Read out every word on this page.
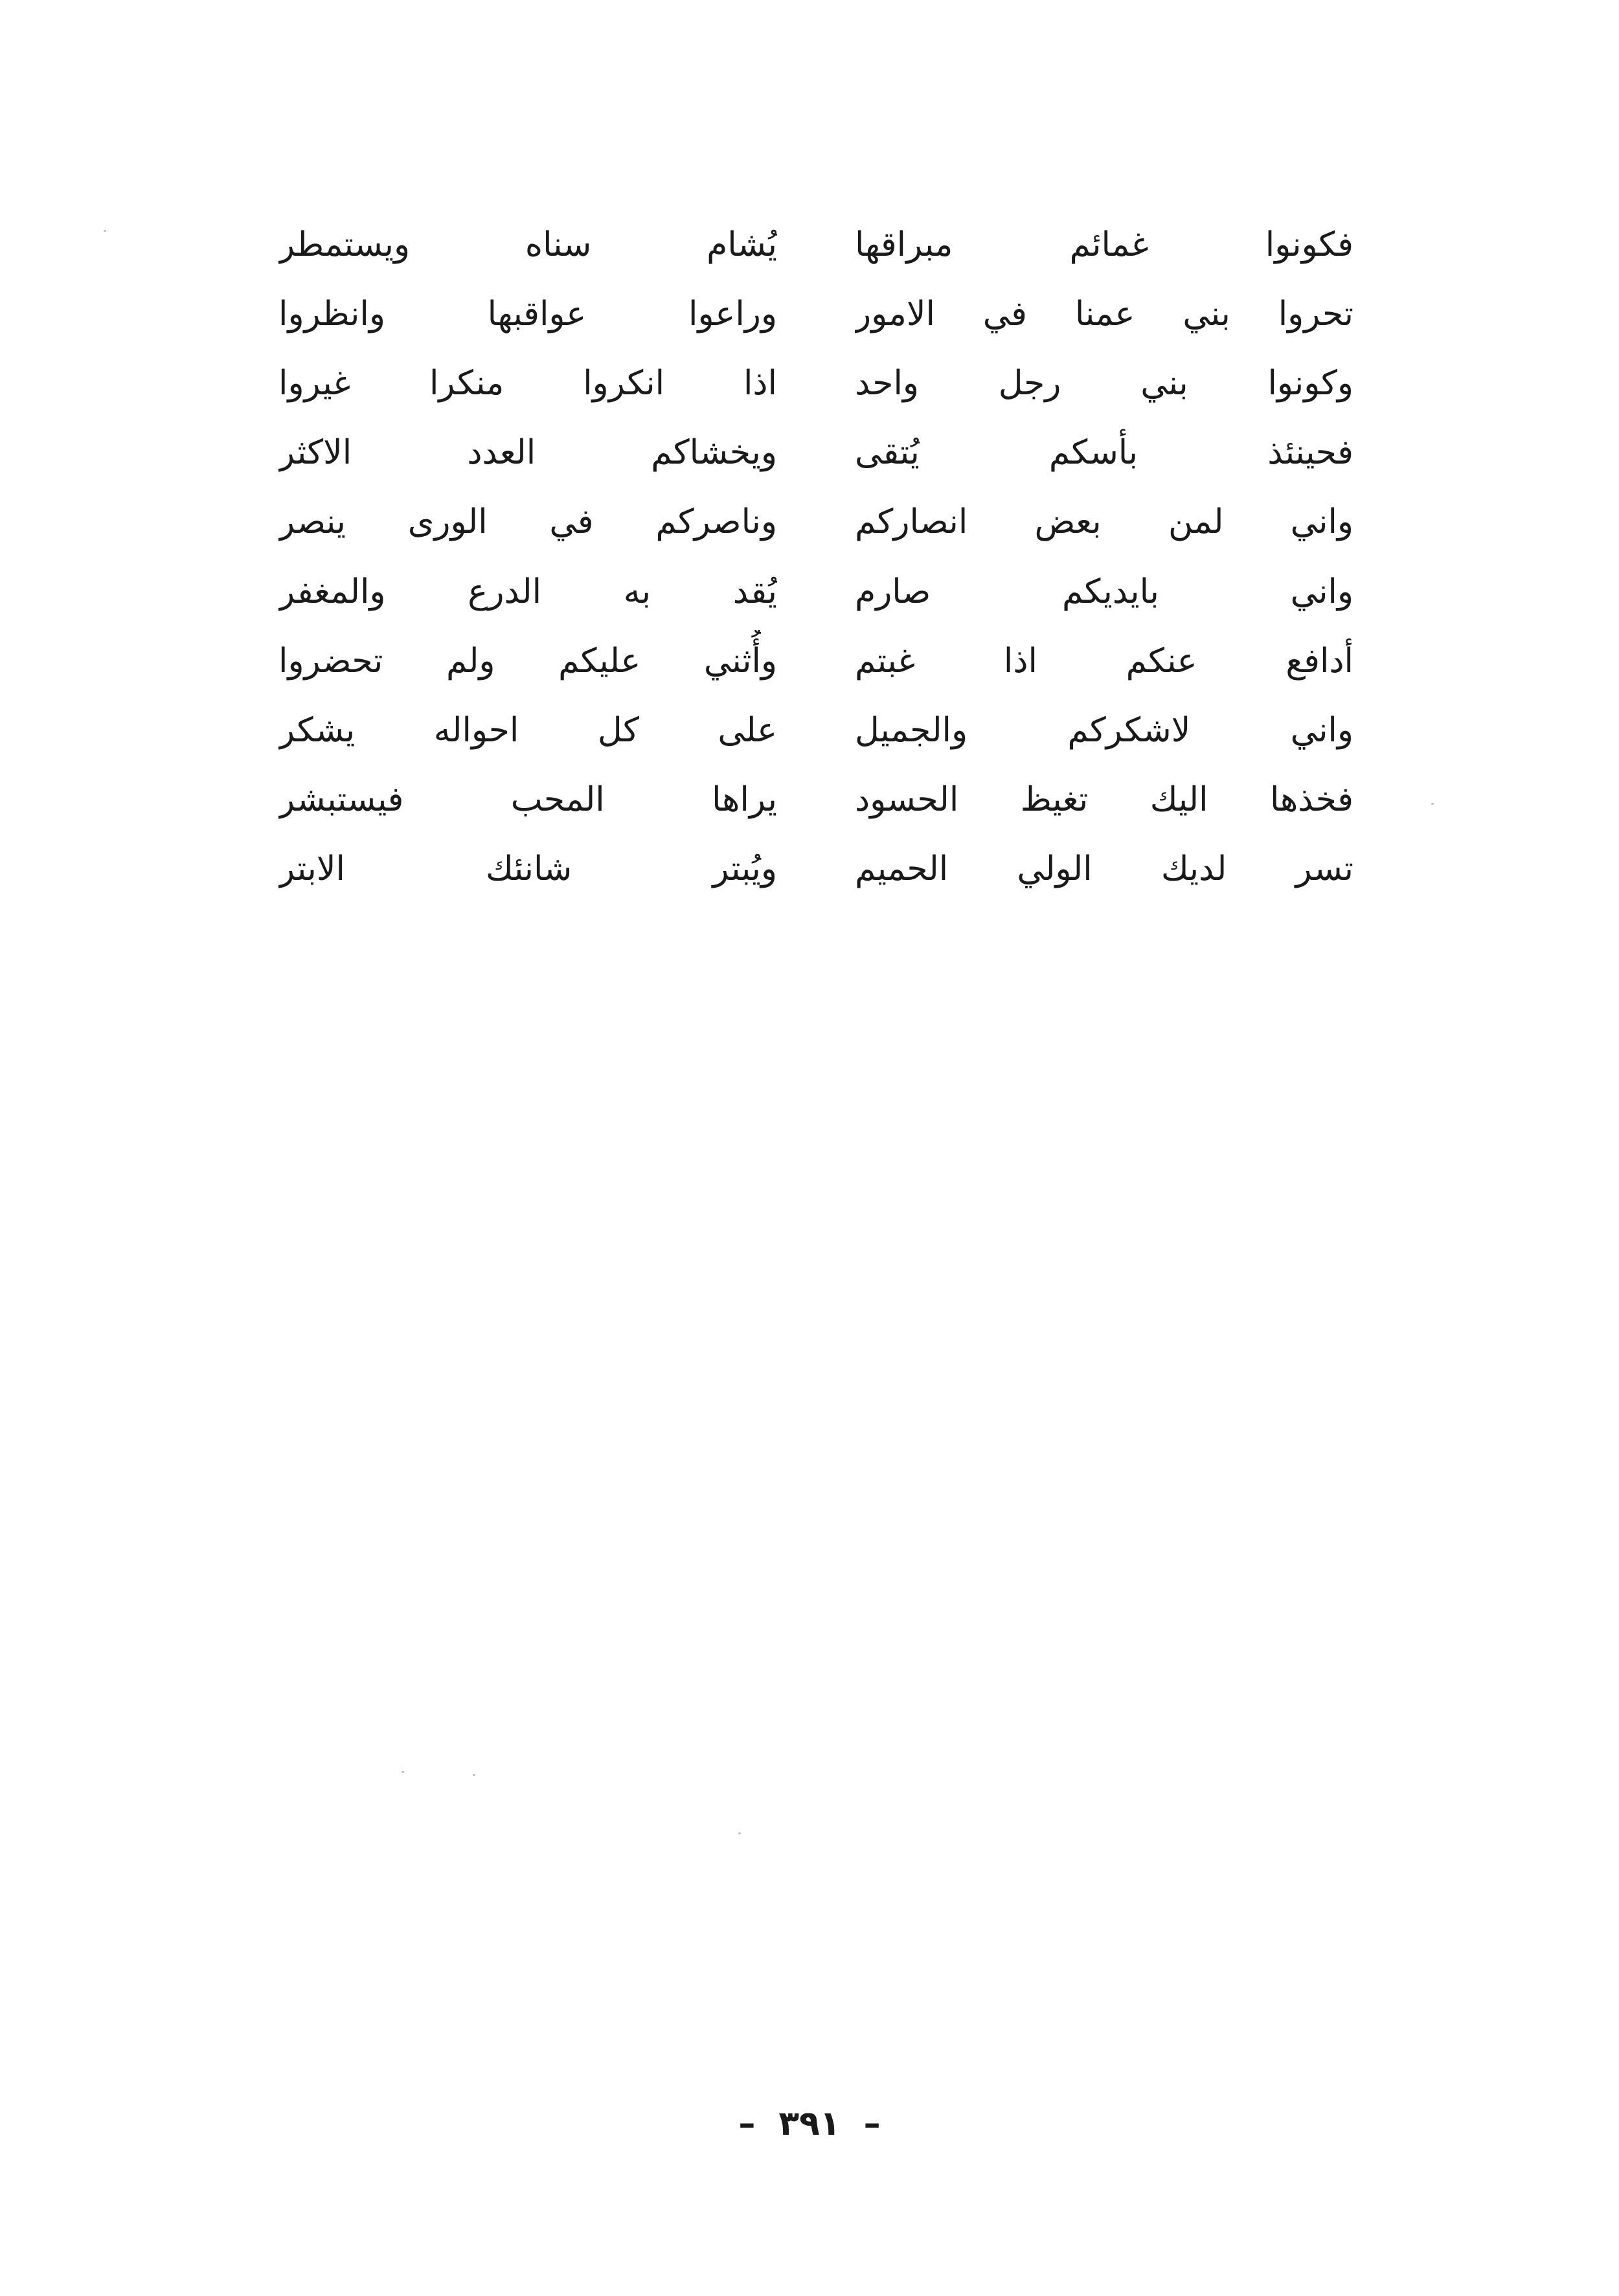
فكونوا غمائم مبراقها
يُشام سناه ويستمطر
تحروا بني عمنا في الامور
وراعوا عواقبها وانظروا
وكونوا بني رجل واحد
اذا انكروا منكرا غيروا
فحينئذ بأسكم يُتقى
ويخشاكم العدد الاكثر
واني لمن بعض انصاركم
وناصركم في الورى ينصر
واني بايديكم صارم
يُقد به الدرع والمغفر
أدافع عنكم اذا غبتم
وأُثني عليكم ولم تحضروا
واني لاشكركم والجميل
على كل احواله يشكر
فخذها اليك تغيظ الحسود
يراها المحب فيستبشر
تسر لديك الولي الحميم
ويُبتر شانئك الابتر
– ٣٩١ –
